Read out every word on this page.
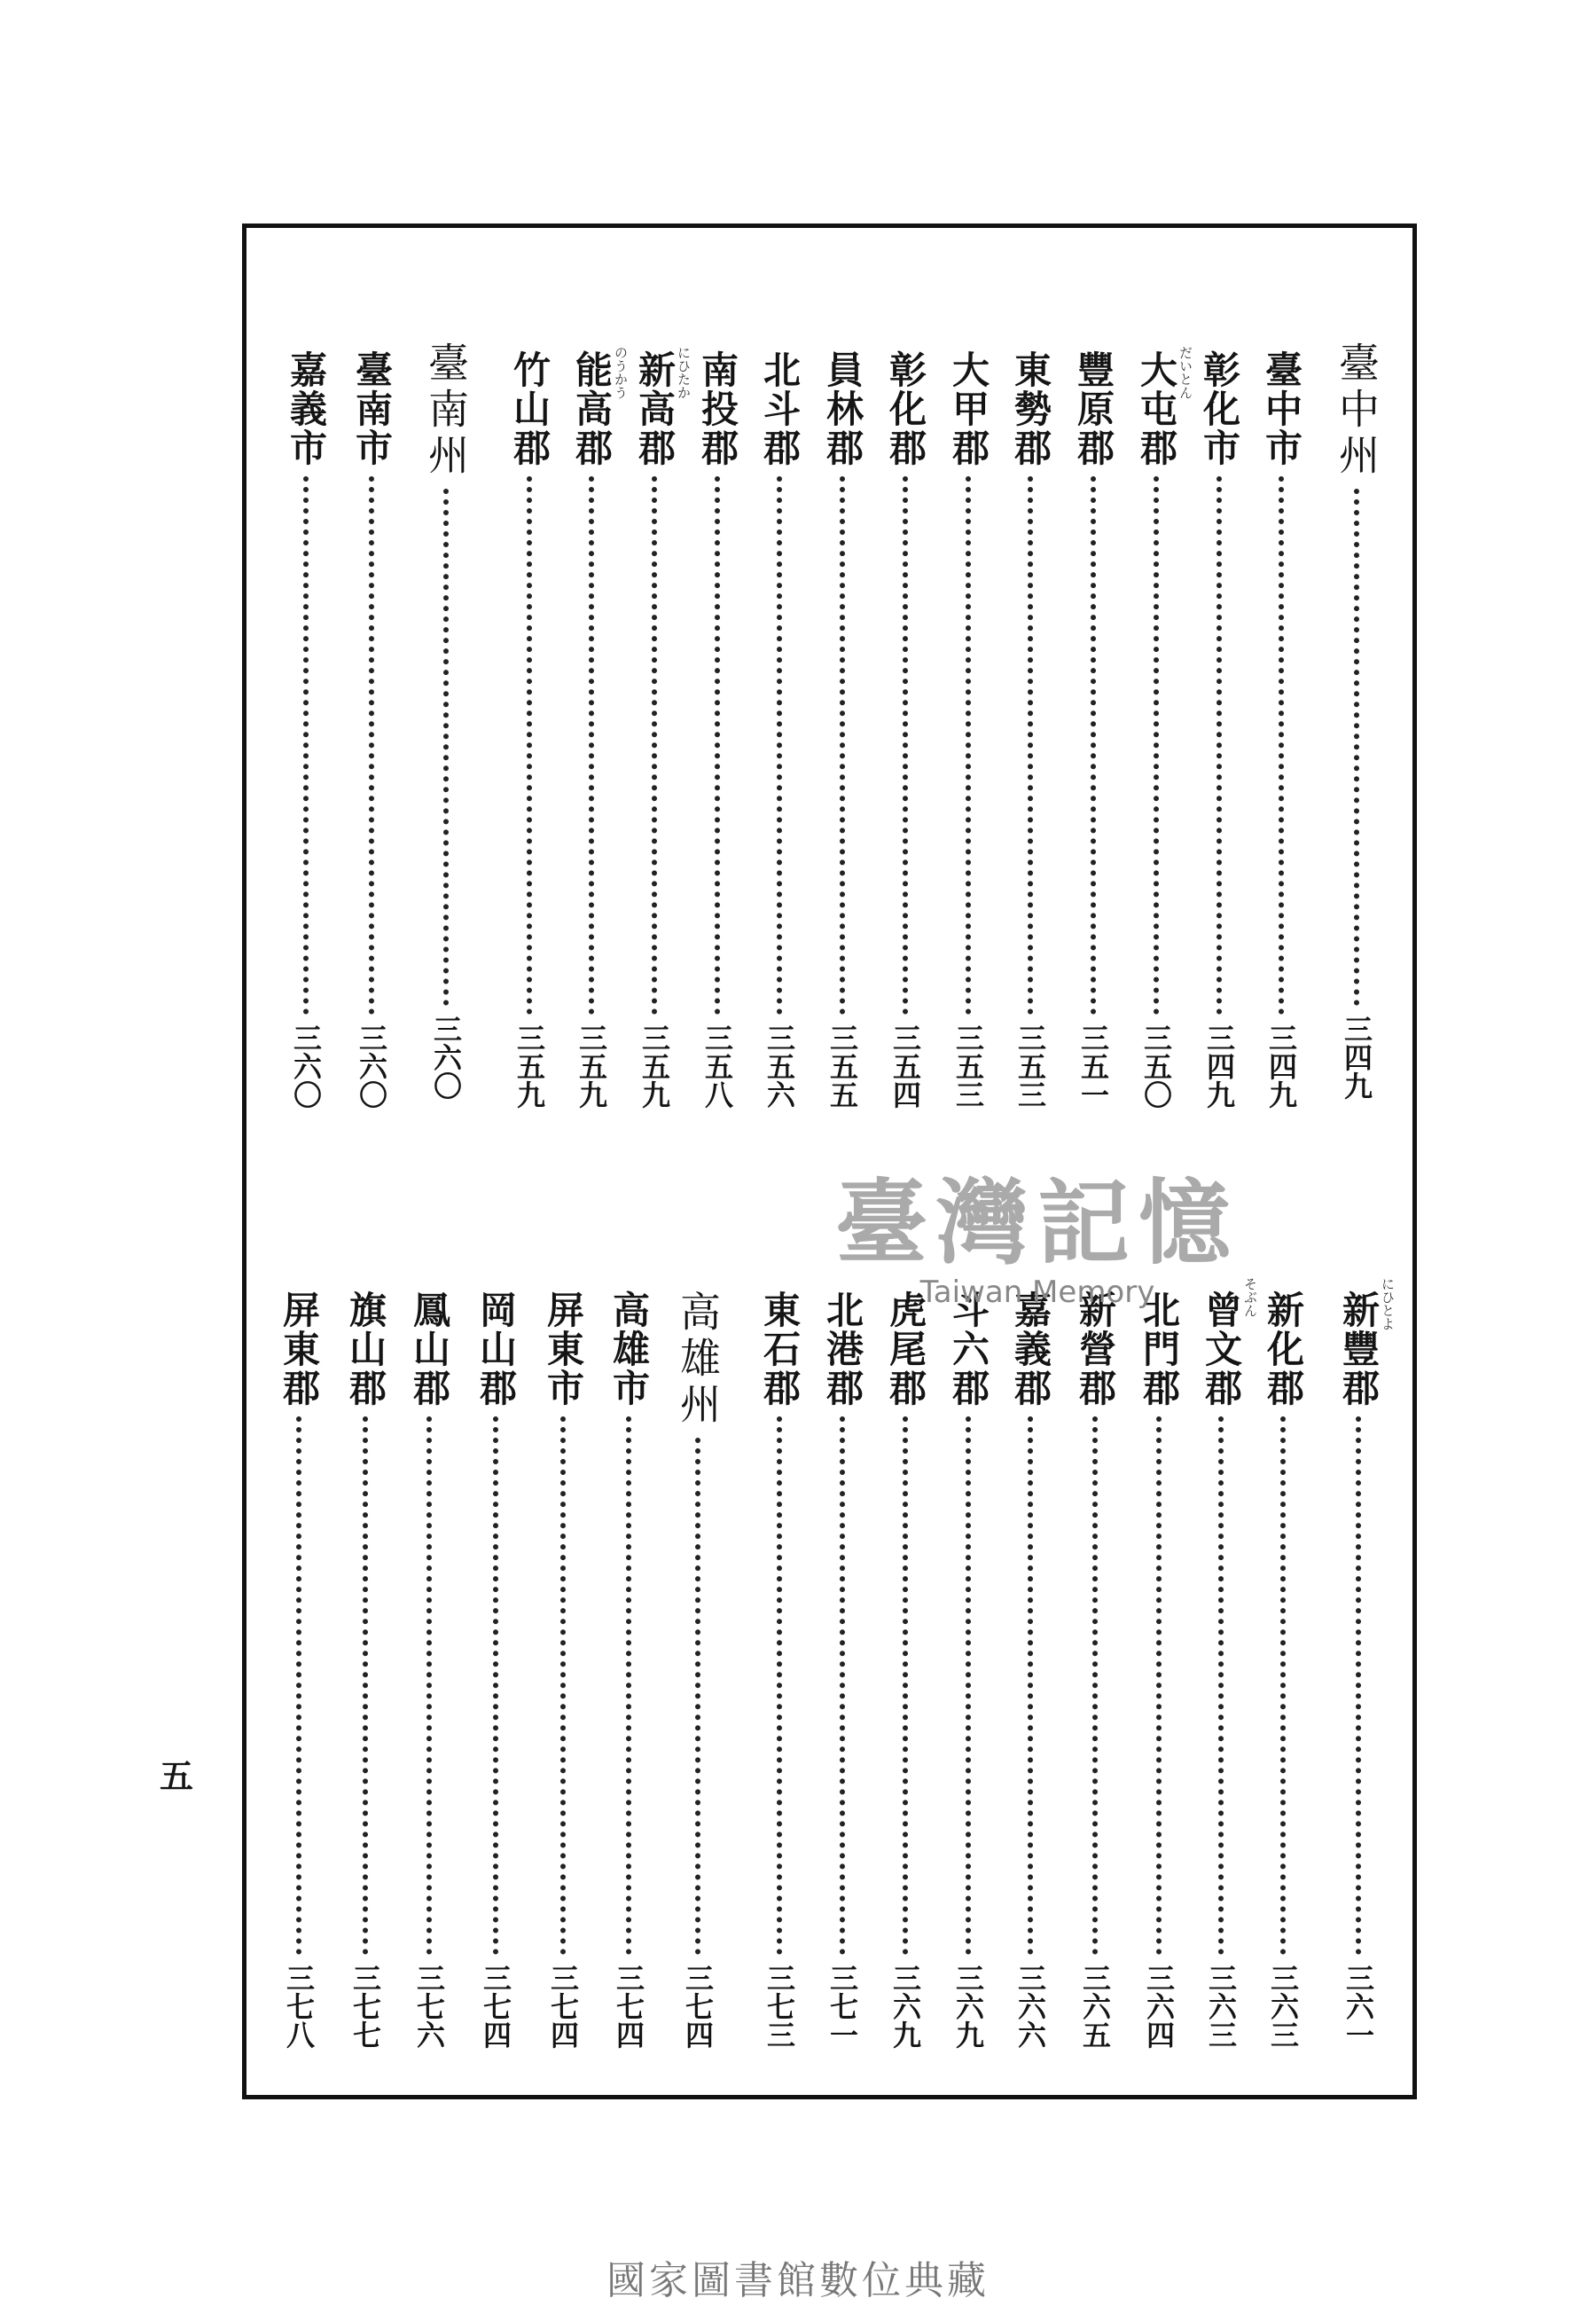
臺中州
三四九
臺中市
三四九
彰化市
三四九
大屯郡
三五〇
だいとん
豐原郡
三五一
東勢郡
三五三
大甲郡
三五三
彰化郡
三五四
員林郡
三五五
北斗郡
三五六
南投郡
三五八
新高郡
三五九
にひたか
能高郡
三五九
のうかう
竹山郡
三五九
臺南州
三六〇
臺南市
三六〇
嘉義市
三六〇
新豐郡
三六一
にひとよ
新化郡
三六三
曾文郡
三六三
そぶん
北門郡
三六四
新營郡
三六五
嘉義郡
三六六
斗六郡
三六九
虎尾郡
三六九
北港郡
三七一
東石郡
三七三
高雄州
三七四
高雄市
三七四
屏東市
三七四
岡山郡
三七四
鳳山郡
三七六
旗山郡
三七七
屏東郡
三七八
臺灣記憶
Taiwan Memory
五
國家圖書館數位典藏
